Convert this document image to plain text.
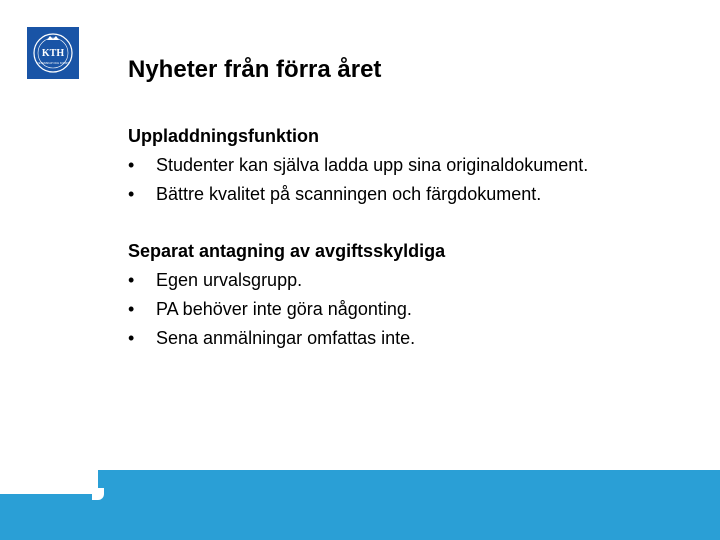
KTH
VETENSKAP OCH KONST Nyheter från förra året
Uppladdningsfunktion
•	Studenter kan själva ladda upp sina originaldokument.
•	Bättre kvalitet på scanningen och färgdokument.
Separat antagning av avgiftsskyldiga
•	Egen urvalsgrupp.
•	PA behöver inte göra någonting.
•	Sena anmälningar omfattas inte.
